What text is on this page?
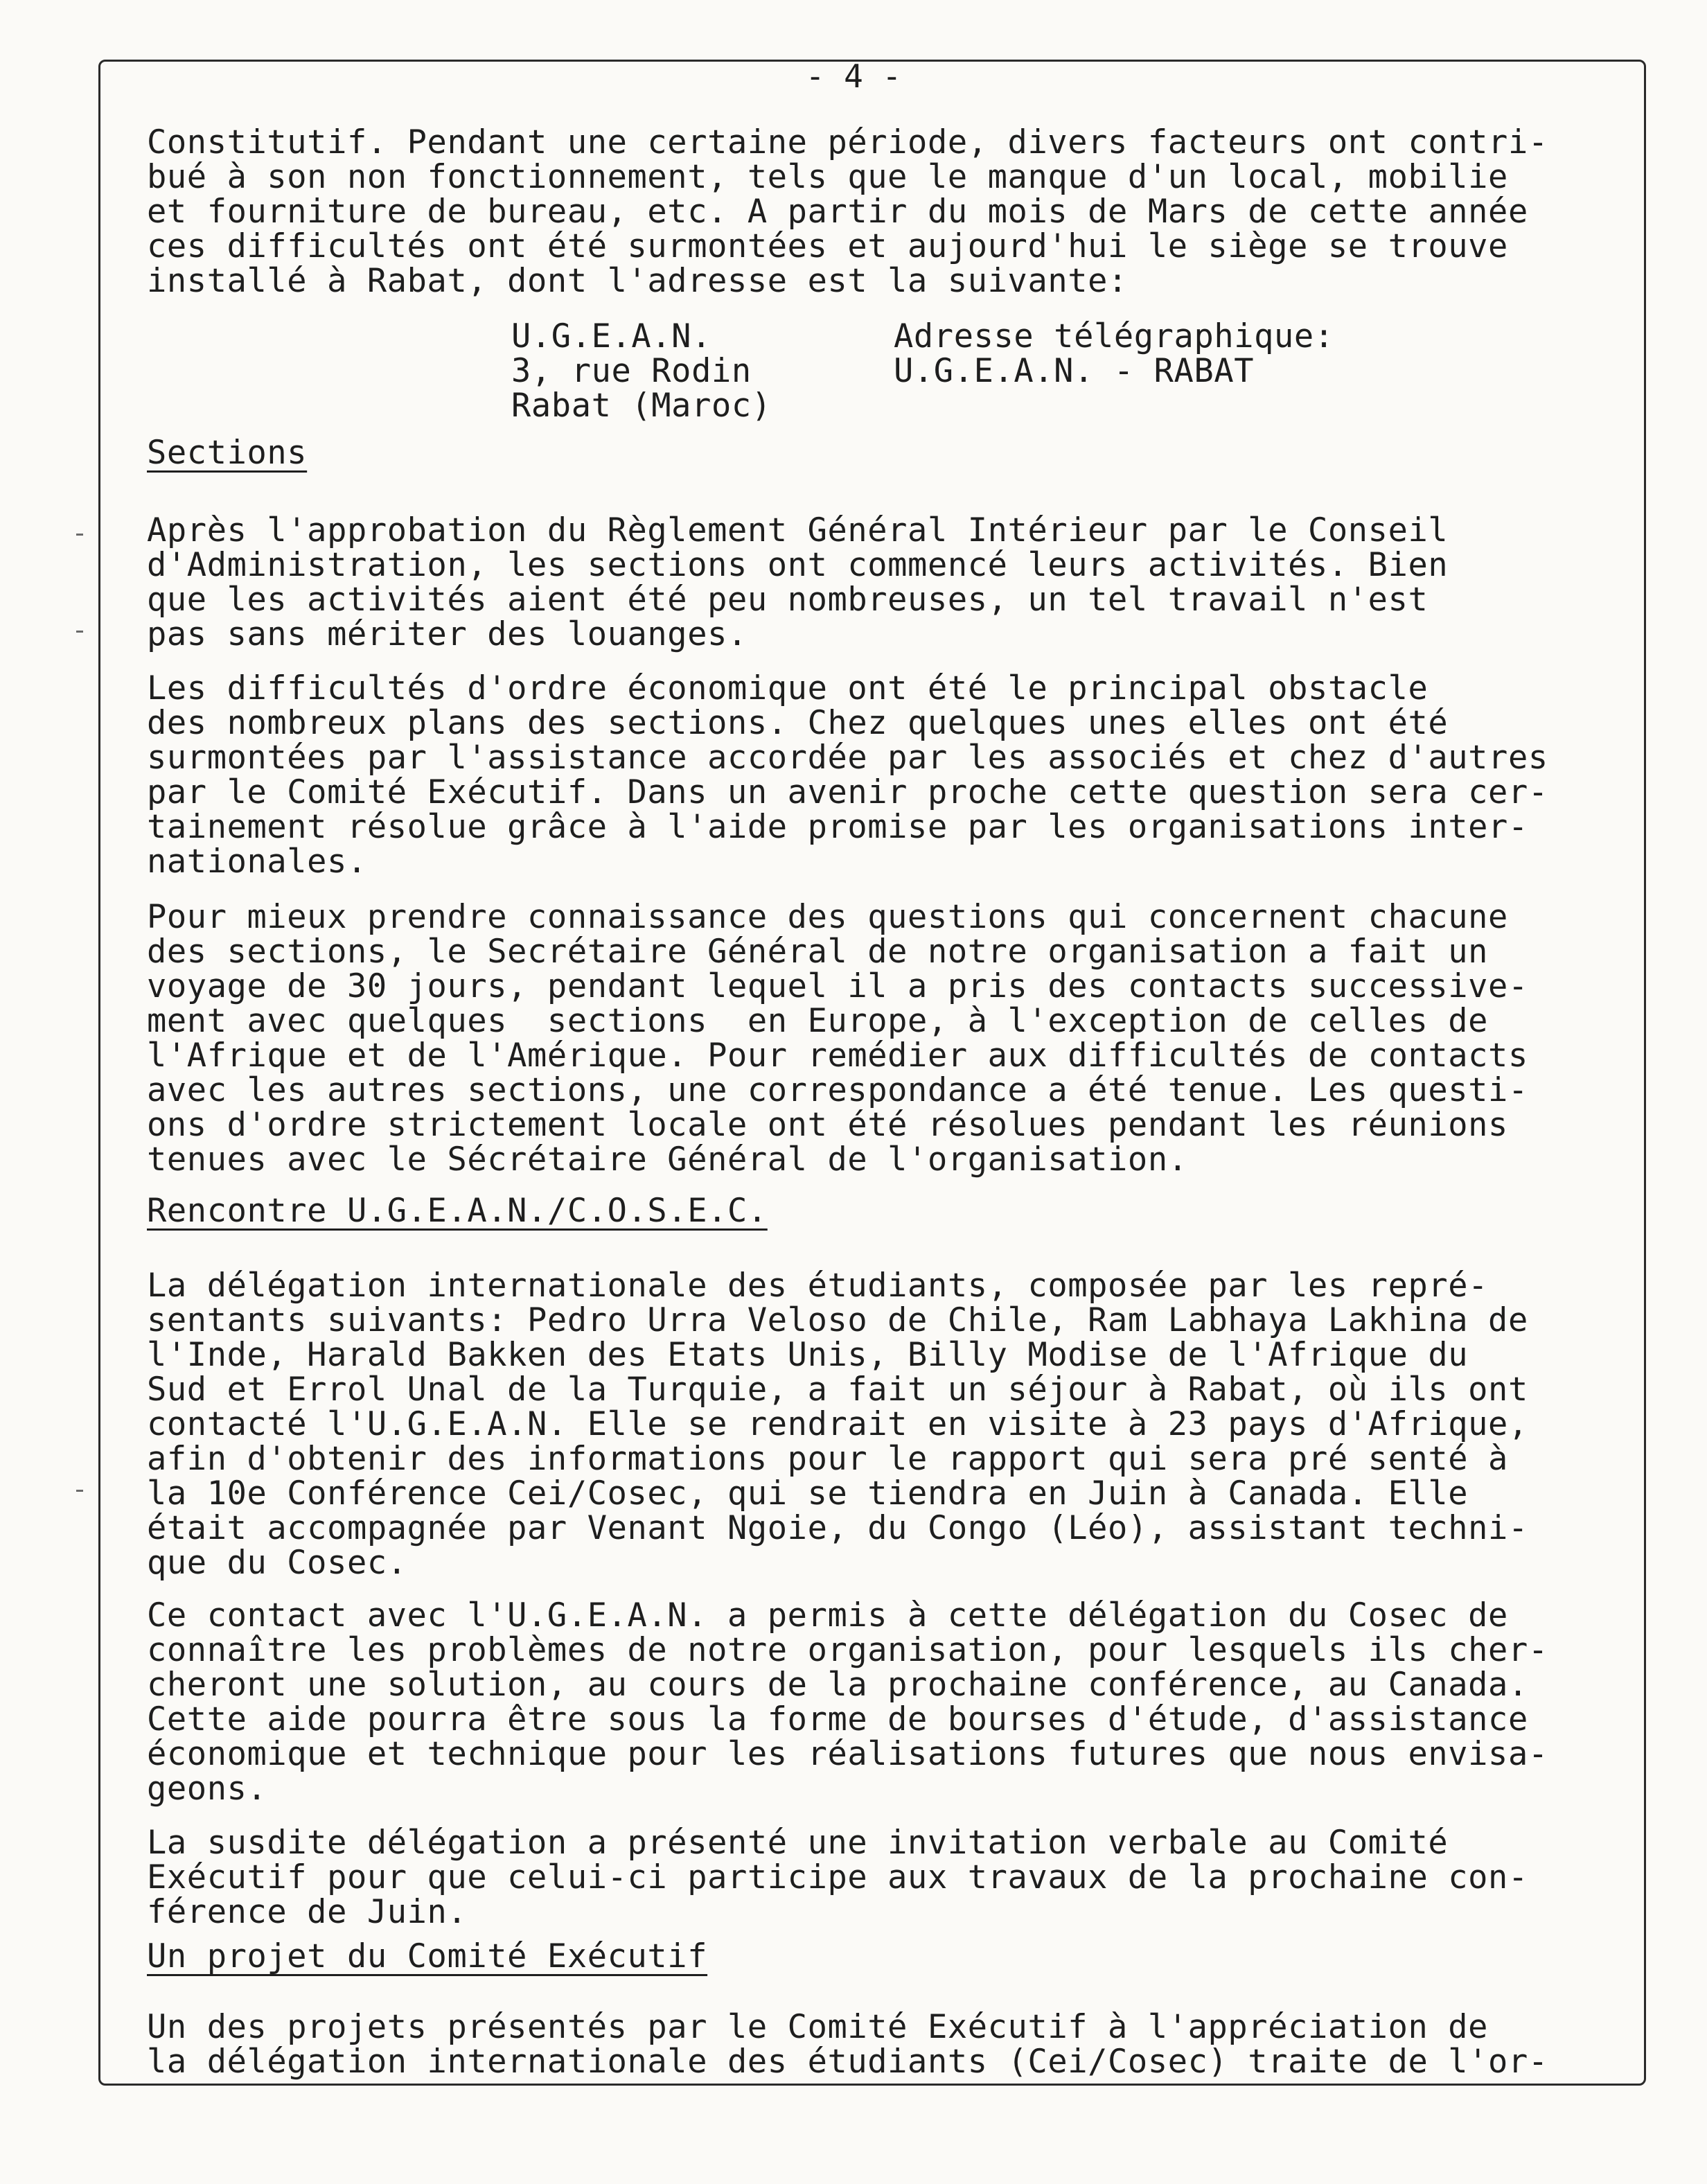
- 4 -
Constitutif. Pendant une certaine période, divers facteurs ont contri-
bué à son non fonctionnement, tels que le manque d'un local, mobilie
et fourniture de bureau, etc. A partir du mois de Mars de cette année
ces difficultés ont été surmontées et aujourd'hui le siège se trouve
installé à Rabat, dont l'adresse est la suivante:
U.G.E.A.N.
3, rue Rodin
Rabat (Maroc)
Adresse télégraphique:
U.G.E.A.N. - RABAT
Sections
Après l'approbation du Règlement Général Intérieur par le Conseil
d'Administration, les sections ont commencé leurs activités. Bien
que les activités aient été peu nombreuses, un tel travail n'est
pas sans mériter des louanges.
Les difficultés d'ordre économique ont été le principal obstacle
des nombreux plans des sections. Chez quelques unes elles ont été
surmontées par l'assistance accordée par les associés et chez d'autres
par le Comité Exécutif. Dans un avenir proche cette question sera cer-
tainement résolue grâce à l'aide promise par les organisations inter-
nationales.
Pour mieux prendre connaissance des questions qui concernent chacune
des sections, le Secrétaire Général de notre organisation a fait un
voyage de 30 jours, pendant lequel il a pris des contacts successive-
ment avec quelques  sections  en Europe, à l'exception de celles de
l'Afrique et de l'Amérique. Pour remédier aux difficultés de contacts
avec les autres sections, une correspondance a été tenue. Les questi-
ons d'ordre strictement locale ont été résolues pendant les réunions
tenues avec le Sécrétaire Général de l'organisation.
Rencontre U.G.E.A.N./C.O.S.E.C.
La délégation internationale des étudiants, composée par les repré-
sentants suivants: Pedro Urra Veloso de Chile, Ram Labhaya Lakhina de
l'Inde, Harald Bakken des Etats Unis, Billy Modise de l'Afrique du
Sud et Errol Unal de la Turquie, a fait un séjour à Rabat, où ils ont
contacté l'U.G.E.A.N. Elle se rendrait en visite à 23 pays d'Afrique,
afin d'obtenir des informations pour le rapport qui sera pré senté à
la 10e Conférence Cei/Cosec, qui se tiendra en Juin à Canada. Elle
était accompagnée par Venant Ngoie, du Congo (Léo), assistant techni-
que du Cosec.
Ce contact avec l'U.G.E.A.N. a permis à cette délégation du Cosec de
connaître les problèmes de notre organisation, pour lesquels ils cher-
cheront une solution, au cours de la prochaine conférence, au Canada.
Cette aide pourra être sous la forme de bourses d'étude, d'assistance
économique et technique pour les réalisations futures que nous envisa-
geons.
La susdite délégation a présenté une invitation verbale au Comité
Exécutif pour que celui-ci participe aux travaux de la prochaine con-
férence de Juin.
Un projet du Comité Exécutif
Un des projets présentés par le Comité Exécutif à l'appréciation de
la délégation internationale des étudiants (Cei/Cosec) traite de l'or-
